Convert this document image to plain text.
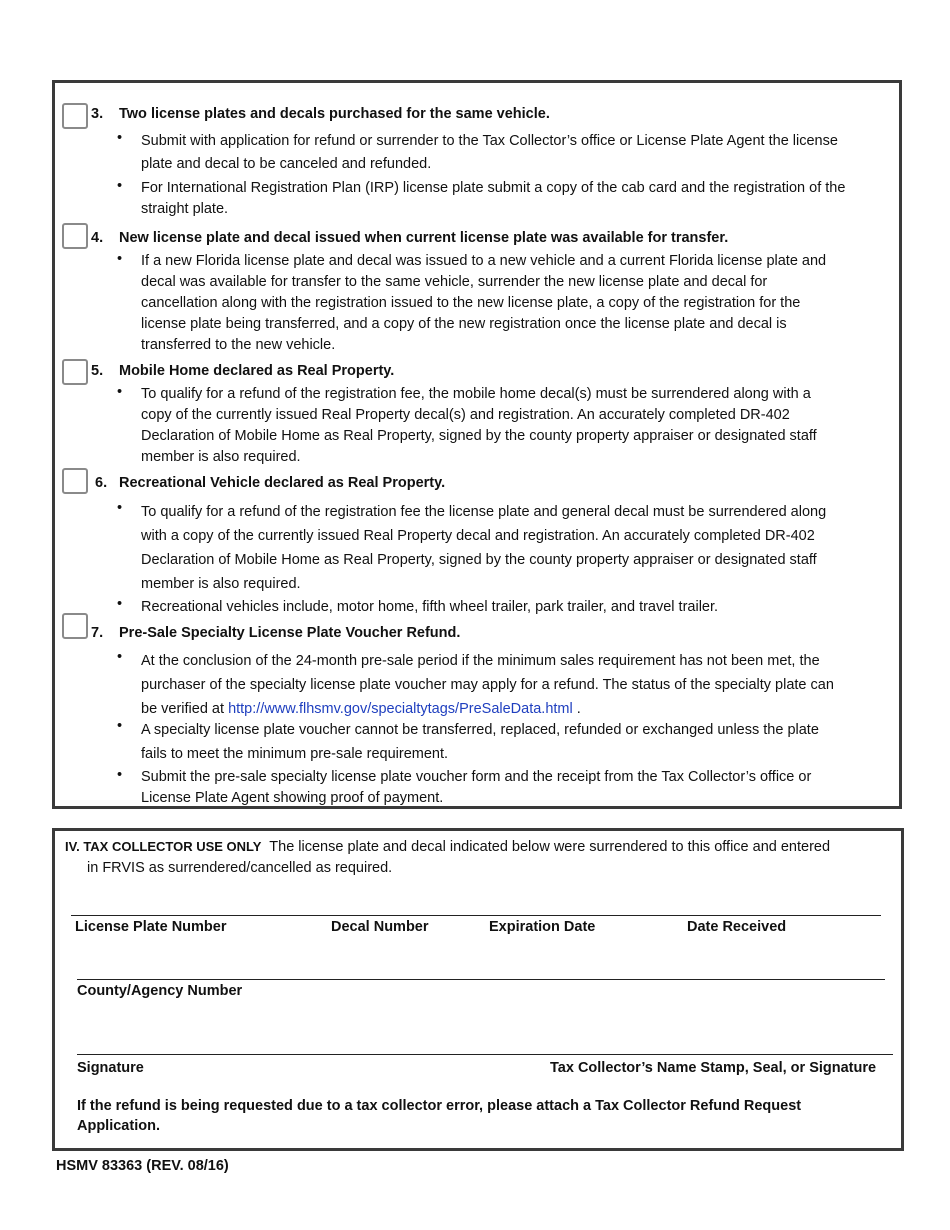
3. Two license plates and decals purchased for the same vehicle.
•	Submit with application for refund or surrender to the Tax Collector’s office or License Plate Agent the license
plate and decal to be canceled and refunded.
•	For International Registration Plan (IRP) license plate submit a copy of the cab card and the registration of the
straight plate.
4. New license plate and decal issued when current license plate was available for transfer.
•	If a new Florida license plate and decal was issued to a new vehicle and a current Florida license plate and
decal was available for transfer to the same vehicle, surrender the new license plate and decal for
cancellation along with the registration issued to the new license plate, a copy of the registration for the
license plate being transferred, and a copy of the new registration once the license plate and decal is
transferred to the new vehicle.
5. Mobile Home declared as Real Property.
•	To qualify for a refund of the registration fee, the mobile home decal(s) must be surrendered along with a
copy of the currently issued Real Property decal(s) and registration. An accurately completed DR-402
Declaration of Mobile Home as Real Property, signed by the county property appraiser or designated staff
member is also required.
6. Recreational Vehicle declared as Real Property.
•	To qualify for a refund of the registration fee the license plate and general decal must be surrendered along
with a copy of the currently issued Real Property decal and registration. An accurately completed DR-402
Declaration of Mobile Home as Real Property, signed by the county property appraiser or designated staff
member is also required.
•	Recreational vehicles include, motor home, fifth wheel trailer, park trailer, and travel trailer.
7. Pre-Sale Specialty License Plate Voucher Refund.
•	At the conclusion of the 24-month pre-sale period if the minimum sales requirement has not been met, the
purchaser of the specialty license plate voucher may apply for a refund. The status of the specialty plate can
be verified at http://www.flhsmv.gov/specialtytags/PreSaleData.html .
•	A specialty license plate voucher cannot be transferred, replaced, refunded or exchanged unless the plate
fails to meet the minimum pre-sale requirement.
•	Submit the pre-sale specialty license plate voucher form and the receipt from the Tax Collector’s office or
License Plate Agent showing proof of payment.
IV. TAX COLLECTOR USE ONLY The license plate and decal indicated below were surrendered to this office and entered
in FRVIS as surrendered/cancelled as required.
License Plate Number	Decal Number	Expiration Date	Date Received
County/Agency Number
Signature	Tax Collector’s Name Stamp, Seal, or Signature
If the refund is being requested due to a tax collector error, please attach a Tax Collector Refund Request
Application.
HSMV 83363 (REV. 08/16)
